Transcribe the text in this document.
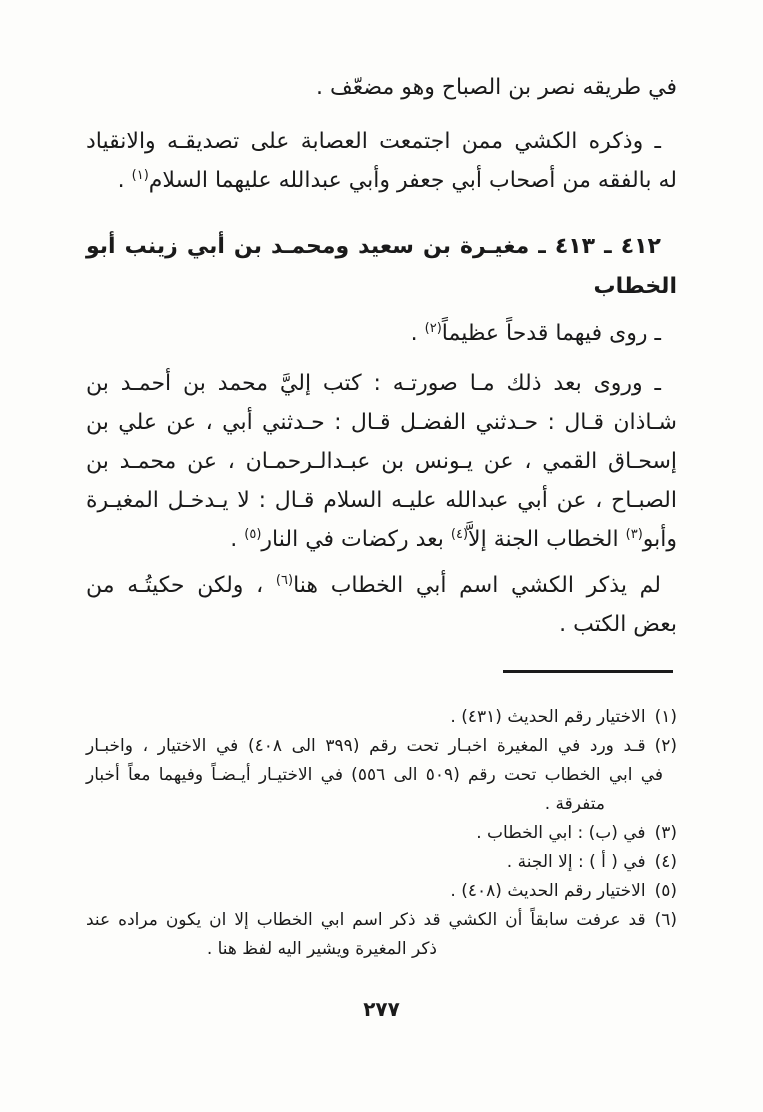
في طريقه نصر بن الصباح وهو مضعّف .
ـ وذكره الكشي ممن اجتمعت العصابة على تصديقـه والانقياد
له بالفقه من أصحاب أبي جعفر وأبي عبدالله عليهما السلام$^{(١)}$ .
٤١٢ ـ ٤١٣ ـ مغيـرة بن سعيد ومحمـد بن أبي زينب أبو
الخطاب
ـ روى فيهما قدحاً عظيماً$^{(٢)}$ .
ـ وروى بعد ذلك مـا صورتـه : كتب إليَّ محمد بن أحمـد بن
شـاذان قـال : حـدثني الفضـل قـال : حـدثني أبي ، عن علي بن
إسحـاق القمي ، عن يـونس بن عبـدالـرحمـان ، عن محمـد بن
الصبـاح ، عن أبي عبدالله عليـه السلام قـال : لا يـدخـل المغيـرة
وأبو$^{(٣)}$ الخطاب الجنة إلاَّ$^{(٤)}$ بعد ركضات في النار$^{(٥)}$ .
لم يذكر الكشي اسم أبي الخطاب هنا$^{(٦)}$ ، ولكن حكيتُـه من
بعض الكتب .
(١)الاختيار رقم الحديث (٤٣١) .
(٢)قـد ورد في المغيرة اخبـار تحت رقم (٣٩٩ الى ٤٠٨) في الاختيار ، واخبـار
في ابي الخطاب تحت رقم (٥٠٩ الى ٥٥٦) في الاختيـار أيـضـاً وفيهما معاً أخبار
متفرقة .
(٣)في (ب) : ابي الخطاب .
(٤)في ( أ ) : إلا الجنة .
(٥)الاختيار رقم الحديث (٤٠٨) .
(٦)قد عرفت سابقاً أن الكشي قد ذكر اسم ابي الخطاب إلا ان يكون مراده عند
ذكر المغيرة ويشير اليه لفظ هنا .
٢٧٧
